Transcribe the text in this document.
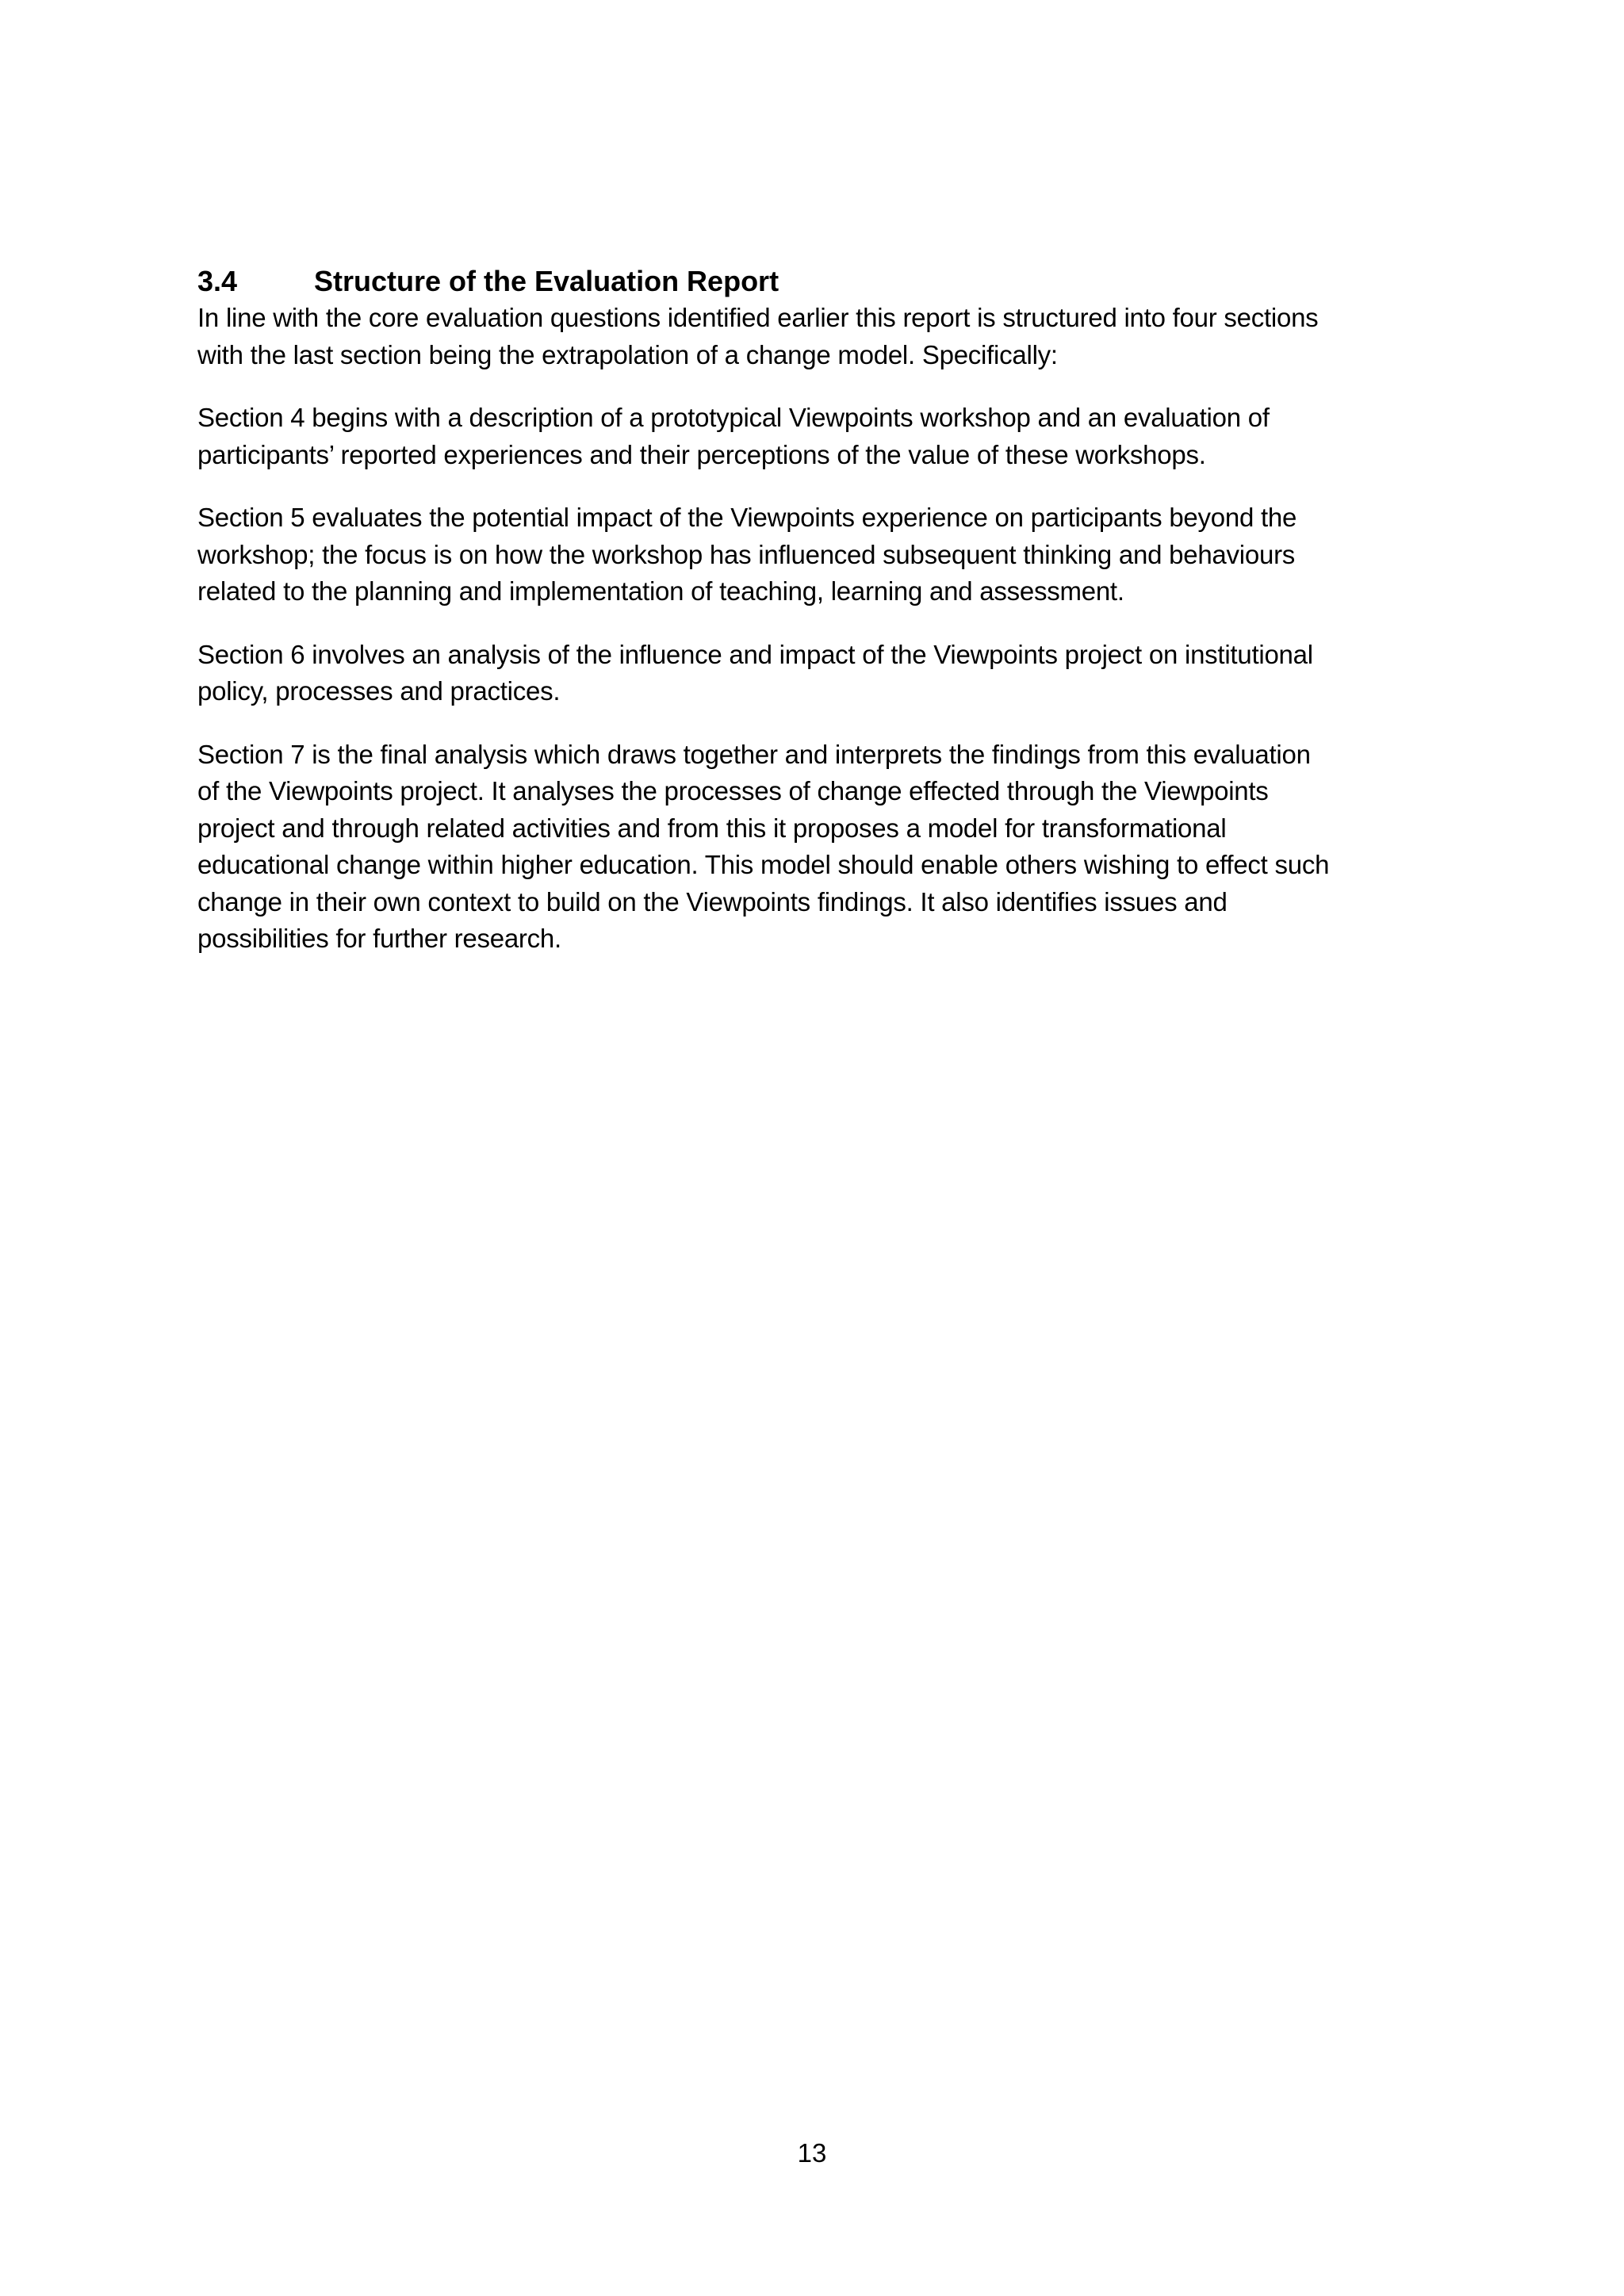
3.4	Structure of the Evaluation Report

In line with the core evaluation questions identified earlier this report is structured into four sections
with the last section being the extrapolation of a change model. Specifically:

Section 4 begins with a description of a prototypical Viewpoints workshop and an evaluation of
participants’ reported experiences and their perceptions of the value of these workshops.

Section 5 evaluates the potential impact of the Viewpoints experience on participants beyond the
workshop; the focus is on how the workshop has influenced subsequent thinking and behaviours
related to the planning and implementation of teaching, learning and assessment.

Section 6 involves an analysis of the influence and impact of the Viewpoints project on institutional
policy, processes and practices.

Section 7 is the final analysis which draws together and interprets the findings from this evaluation
of the Viewpoints project. It analyses the processes of change effected through the Viewpoints
project and through related activities and from this it proposes a model for transformational
educational change within higher education. This model should enable others wishing to effect such
change in their own context to build on the Viewpoints findings. It also identifies issues and
possibilities for further research.

13
